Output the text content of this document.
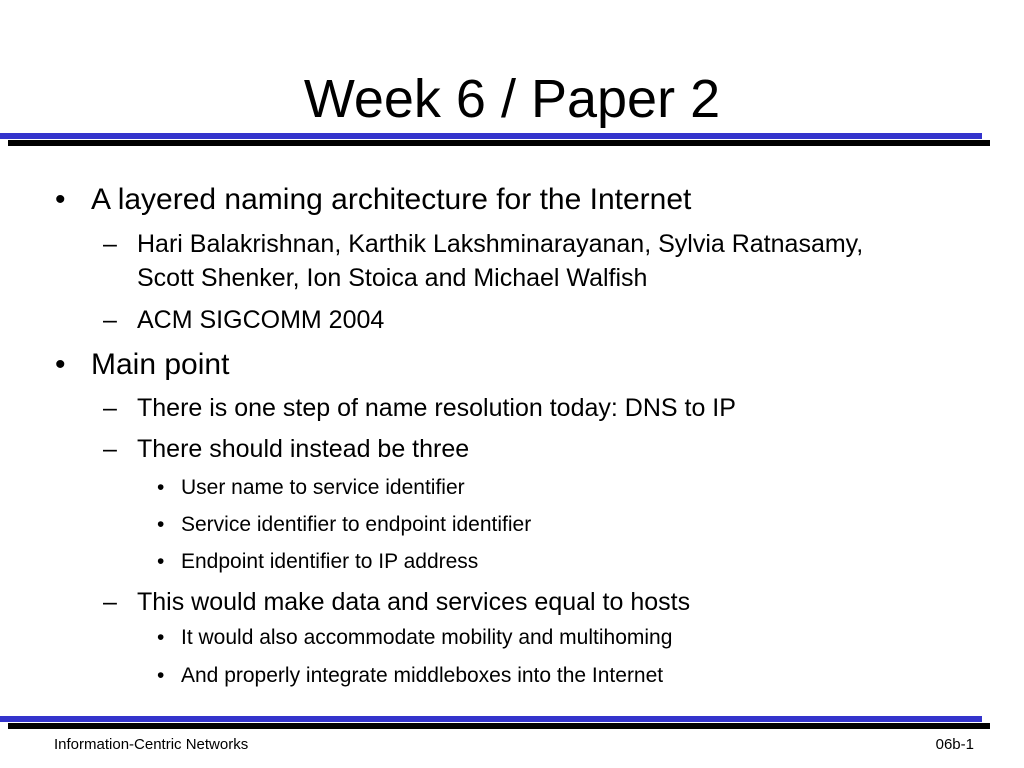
Week 6 / Paper 2
• A layered naming architecture for the Internet
– Hari Balakrishnan, Karthik Lakshminarayanan, Sylvia Ratnasamy,
Scott Shenker, Ion Stoica and Michael Walfish
– ACM SIGCOMM 2004
• Main point
– There is one step of name resolution today: DNS to IP
– There should instead be three
• User name to service identifier
• Service identifier to endpoint identifier
• Endpoint identifier to IP address
– This would make data and services equal to hosts
• It would also accommodate mobility and multihoming
• And properly integrate middleboxes into the Internet
Information-Centric Networks	06b-1
